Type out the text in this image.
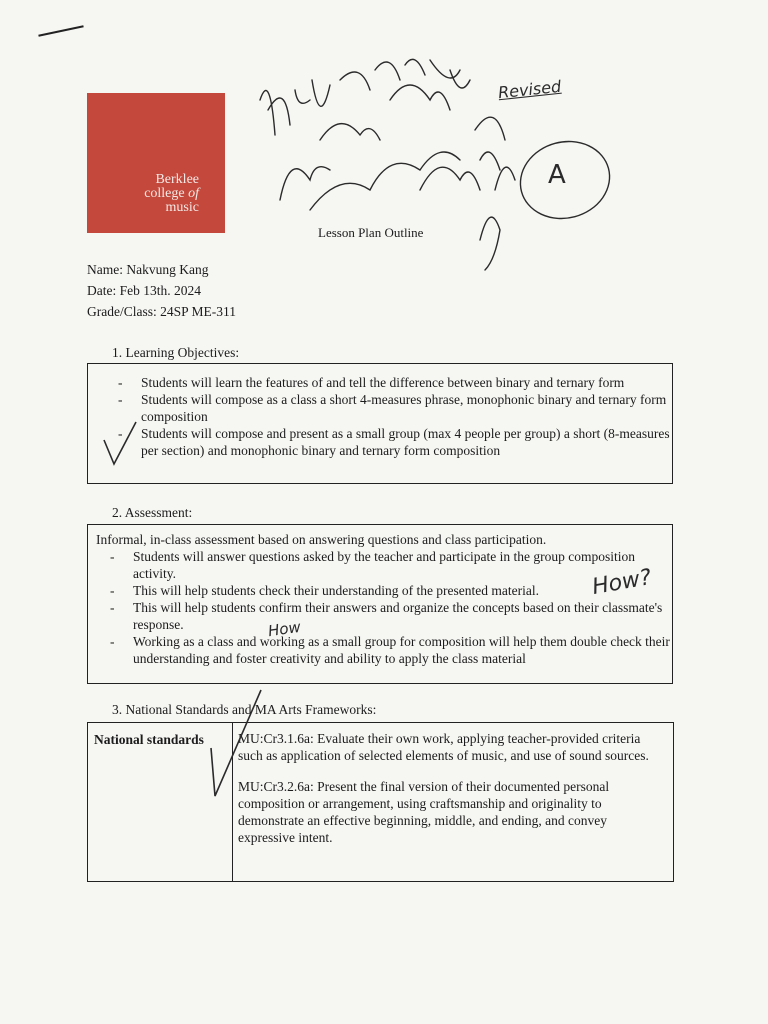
Berklee
college of
music
Lesson Plan Outline
Revised
A
Name: Nakvung Kang
Date: Feb 13th. 2024
Grade/Class: 24SP ME-311
1. Learning Objectives:
- Students will learn the features of and tell the difference between binary and ternary form
- Students will compose as a class a short 4-measures phrase, monophonic binary and ternary form composition
- Students will compose and present as a small group (max 4 people per group) a short (8-measures per section) and monophonic binary and ternary form composition
2. Assessment:
Informal, in-class assessment based on answering questions and class participation.
- Students will answer questions asked by the teacher and participate in the group composition activity.
- This will help students check their understanding of the presented material.
- This will help students confirm their answers and organize the concepts based on their classmate's response.
- Working as a class and working as a small group for composition will help them double check their understanding and foster creativity and ability to apply the class material
How?
How
3. National Standards and MA Arts Frameworks:
National standards	MU:Cr3.1.6a: Evaluate their own work, applying teacher-provided criteria such as application of selected elements of music, and use of sound sources.

MU:Cr3.2.6a: Present the final version of their documented personal composition or arrangement, using craftsmanship and originality to demonstrate an effective beginning, middle, and ending, and convey expressive intent.
